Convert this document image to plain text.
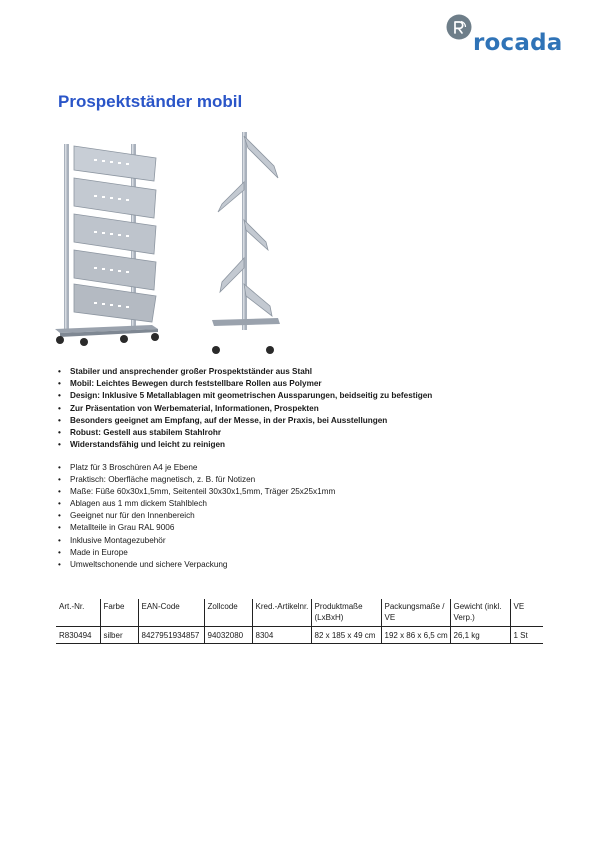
rocada
Prospektständer mobil
• Stabiler und ansprechender großer Prospektständer aus Stahl
• Mobil: Leichtes Bewegen durch feststellbare Rollen aus Polymer
• Design: Inklusive 5 Metallablagen mit geometrischen Aussparungen, beidseitig zu befestigen
• Zur Präsentation von Werbematerial, Informationen, Prospekten
• Besonders geeignet am Empfang, auf der Messe, in der Praxis, bei Ausstellungen
• Robust: Gestell aus stabilem Stahlrohr
• Widerstandsfähig und leicht zu reinigen
• Platz für 3 Broschüren A4 je Ebene
• Praktisch: Oberfläche magnetisch, z. B. für Notizen
• Maße: Füße 60x30x1,5mm, Seitenteil 30x30x1,5mm, Träger 25x25x1mm
• Ablagen aus 1 mm dickem Stahlblech
• Geeignet nur für den Innenbereich
• Metallteile in Grau RAL 9006
• Inklusive Montagezubehör
• Made in Europe
• Umweltschonende und sichere Verpackung
Art.-Nr.	Farbe	EAN-Code	Zollcode	Kred.-Artikelnr.	Produktmaße (LxBxH)	Packungsmaße / VE	Gewicht (inkl. Verp.)	VE
R830494	silber	8427951934857	94032080	8304	82 x 185 x 49 cm	192 x 86 x 6,5 cm	26,1 kg	1 St
